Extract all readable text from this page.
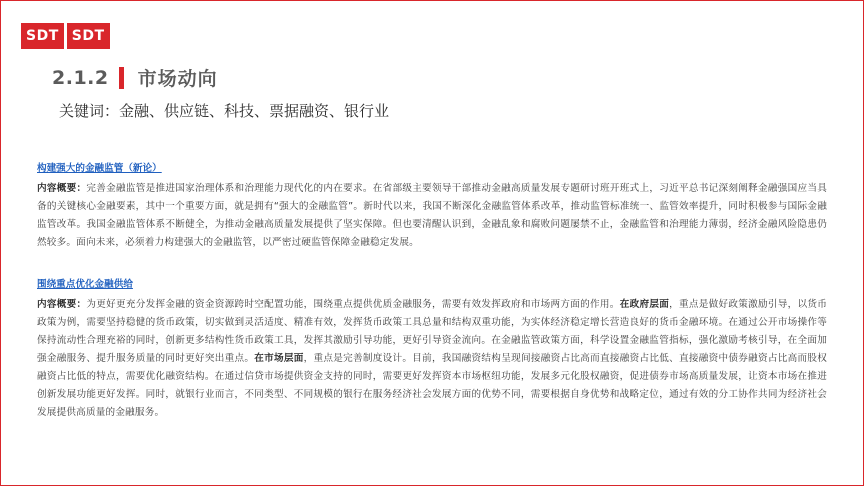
SDT SDT
2.1.2 市场动向
关键词：金融、供应链、科技、票据融资、银行业
构建强大的金融监管（新论）

内容概要：完善金融监管是推进国家治理体系和治理能力现代化的内在要求。在省部级主要领导干部推动金融高质量发展专题研讨班开班式上，习近平总书记深刻阐释金融强国应当具备的关键核心金融要素，其中一个重要方面，就是拥有“强大的金融监管”。新时代以来，我国不断深化金融监管体系改革，推动监管标准统一、监管效率提升，同时积极参与国际金融监管改革。我国金融监管体系不断健全，为推动金融高质量发展提供了坚实保障。但也要清醒认识到，金融乱象和腐败问题屡禁不止，金融监管和治理能力薄弱，经济金融风险隐患仍然较多。面向未来，必须着力构建强大的金融监管，以严密过硬监管保障金融稳定发展。

围绕重点优化金融供给

内容概要：为更好更充分发挥金融的资金资源跨时空配置功能，围绕重点提供优质金融服务，需要有效发挥政府和市场两方面的作用。在政府层面，重点是做好政策激励引导，以货币政策为例，需要坚持稳健的货币政策，切实做到灵活适度、精准有效，发挥货币政策工具总量和结构双重功能，为实体经济稳定增长营造良好的货币金融环境。在通过公开市场操作等保持流动性合理充裕的同时，创新更多结构性货币政策工具，发挥其激励引导功能，更好引导资金流向。在金融监管政策方面，科学设置金融监管指标，强化激励考核引导，在全面加强金融服务、提升服务质量的同时更好突出重点。在市场层面，重点是完善制度设计。目前，我国融资结构呈现间接融资占比高而直接融资占比低、直接融资中债券融资占比高而股权融资占比低的特点，需要优化融资结构。在通过信贷市场提供资金支持的同时，需要更好发挥资本市场枢纽功能，发展多元化股权融资，促进债券市场高质量发展，让资本市场在推进创新发展功能更好发挥。同时，就银行业而言，不同类型、不同规模的银行在服务经济社会发展方面的优势不同，需要根据自身优势和战略定位，通过有效的分工协作共同为经济社会发展提供高质量的金融服务。
